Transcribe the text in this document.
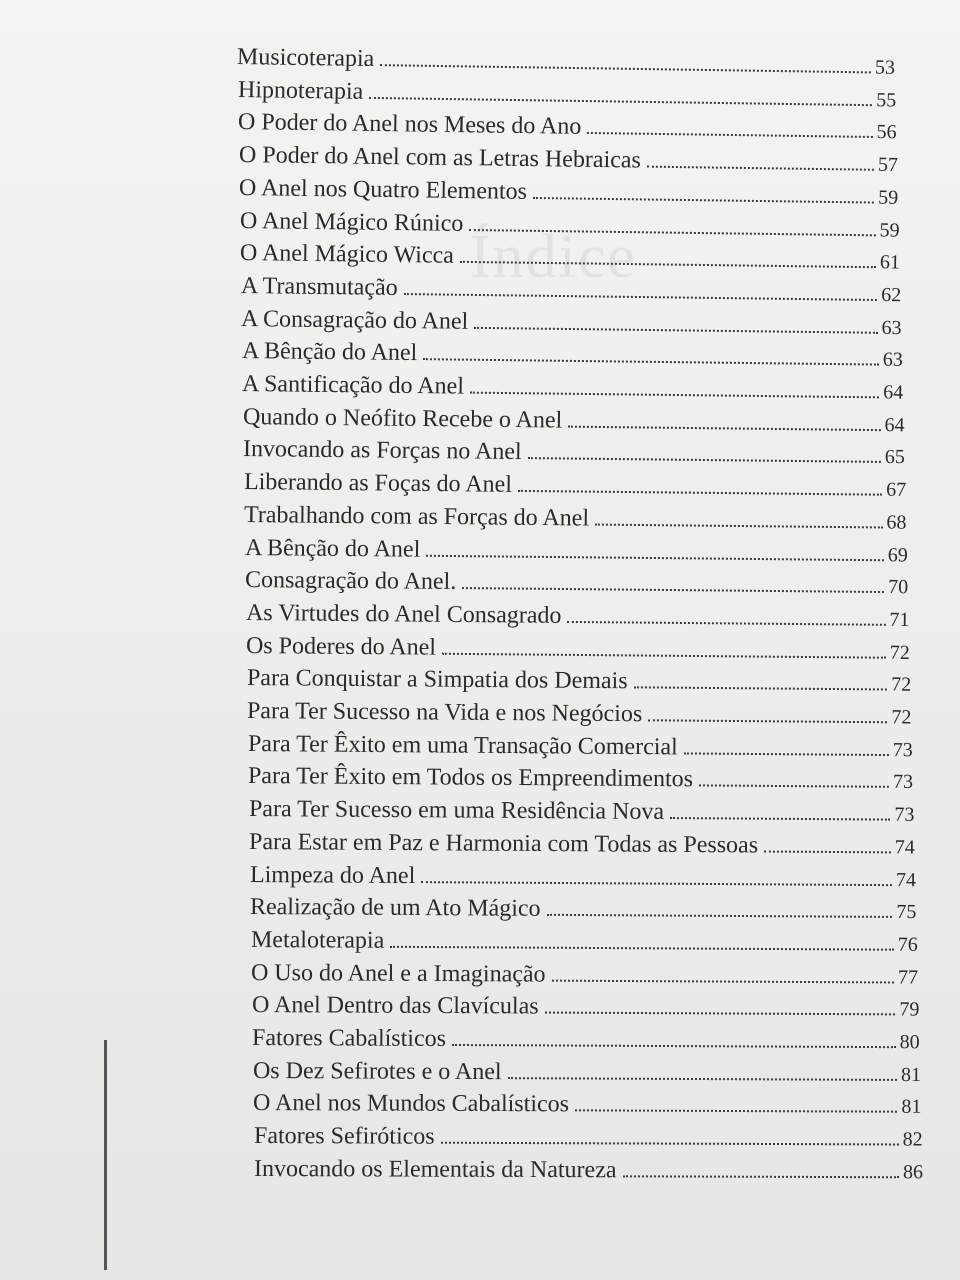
Índice
Musicoterapia	53
Hipnoterapia	55
O Poder do Anel nos Meses do Ano	56
O Poder do Anel com as Letras Hebraicas	57
O Anel nos Quatro Elementos	59
O Anel Mágico Rúnico	59
O Anel Mágico Wicca	61
A Transmutação	62
A Consagração do Anel	63
A Bênção do Anel	63
A Santificação do Anel	64
Quando o Neófito Recebe o Anel	64
Invocando as Forças no Anel	65
Liberando as Foças do Anel	67
Trabalhando com as Forças do Anel	68
A Bênção do Anel	69
Consagração do Anel.	70
As Virtudes do Anel Consagrado	71
Os Poderes do Anel	72
Para Conquistar a Simpatia dos Demais	72
Para Ter Sucesso na Vida e nos Negócios	72
Para Ter Êxito em uma Transação Comercial	73
Para Ter Êxito em Todos os Empreendimentos	73
Para Ter Sucesso em uma Residência Nova	73
Para Estar em Paz e Harmonia com Todas as Pessoas	74
Limpeza do Anel	74
Realização de um Ato Mágico	75
Metaloterapia	76
O Uso do Anel e a Imaginação	77
O Anel Dentro das Clavículas	79
Fatores Cabalísticos	80
Os Dez Sefirotes e o Anel	81
O Anel nos Mundos Cabalísticos	81
Fatores Sefiróticos	82
Invocando os Elementais da Natureza	86
